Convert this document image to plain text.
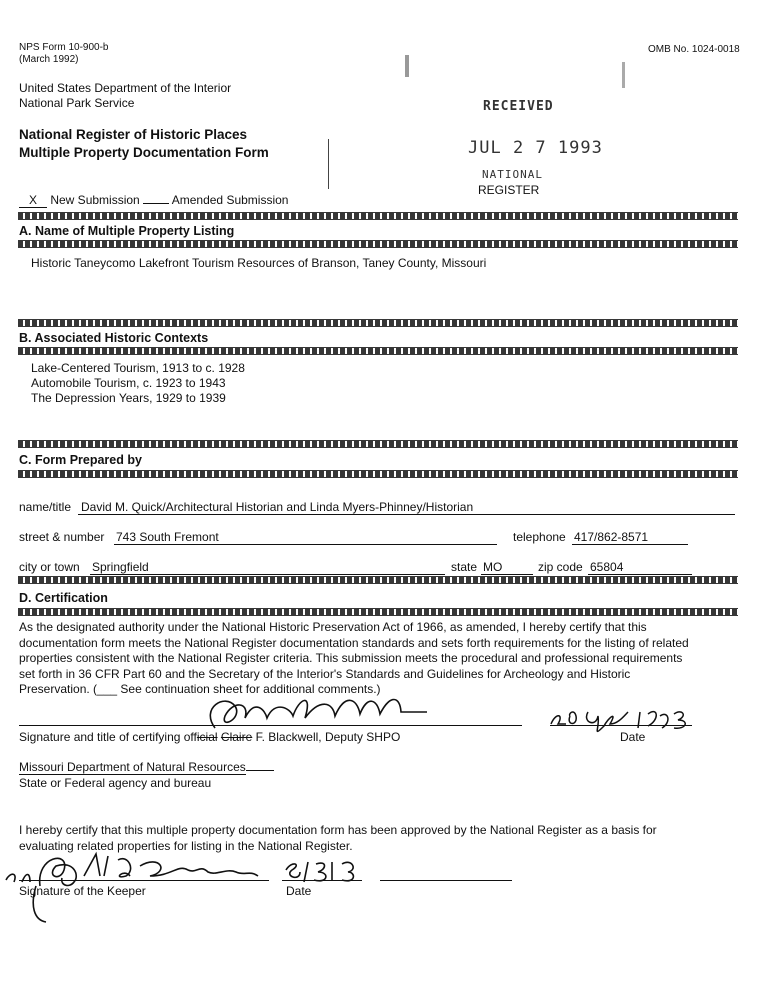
NPS Form 10-900-b
(March 1992)
OMB No. 1024-0018
United States Department of the Interior
National Park Service
National Register of Historic Places
Multiple Property Documentation Form
RECEIVED
JUL 2 7 1993
NATIONAL
REGISTER
X New Submission	Amended Submission
A. Name of Multiple Property Listing
Historic Taneycomo Lakefront Tourism Resources of Branson, Taney County, Missouri
B. Associated Historic Contexts
Lake-Centered Tourism, 1913 to c. 1928
Automobile Tourism, c. 1923 to 1943
The Depression Years, 1929 to 1939
C. Form Prepared by
name/title David M. Quick/Architectural Historian and Linda Myers-Phinney/Historian
street & number 743 South Fremont	telephone 417/862-8571
city or town Springfield	state MO	zip code 65804
D. Certification
As the designated authority under the National Historic Preservation Act of 1966, as amended, I hereby certify that this
documentation form meets the National Register documentation standards and sets forth requirements for the listing of related
properties consistent with the National Register criteria. This submission meets the procedural and professional requirements
set forth in 36 CFR Part 60 and the Secretary of the Interior's Standards and Guidelines for Archeology and Historic
Preservation. (___ See continuation sheet for additional comments.)
Signature and title of certifying official Claire F. Blackwell, Deputy SHPO	Date
Missouri Department of Natural Resources
State or Federal agency and bureau
I hereby certify that this multiple property documentation form has been approved by the National Register as a basis for
evaluating related properties for listing in the National Register.
Signature of the Keeper	Date
